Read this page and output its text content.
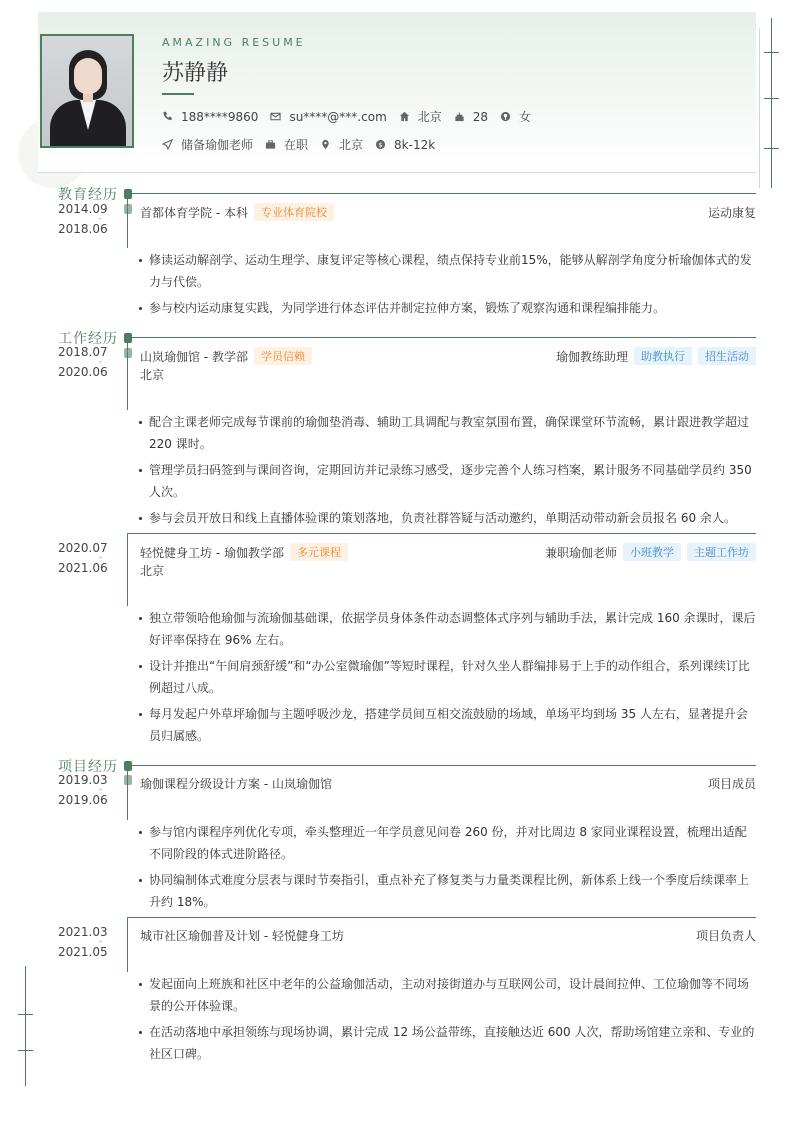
AMAZING RESUME
苏静静
188****9860	su****@***.com	北京	28	女
储备瑜伽老师	在职	北京 $ 8k-12k
教育经历
2014.09
-
2018.06
首都体育学院 - 本科	专业体育院校	运动康复
修读运动解剖学、运动生理学、康复评定等核心课程，绩点保持专业前15%，能够从解剖学角度分析瑜伽体式的发力与代偿。
参与校内运动康复实践，为同学进行体态评估并制定拉伸方案，锻炼了观察沟通和课程编排能力。
工作经历
2018.07
-
2020.06
山岚瑜伽馆 - 教学部	学员信赖	瑜伽教练助理	助教执行	招生活动
北京
配合主课老师完成每节课前的瑜伽垫消毒、辅助工具调配与教室氛围布置，确保课堂环节流畅，累计跟进教学超过 220 课时。
管理学员扫码签到与课间咨询，定期回访并记录练习感受，逐步完善个人练习档案，累计服务不同基础学员约 350 人次。
参与会员开放日和线上直播体验课的策划落地，负责社群答疑与活动邀约，单期活动带动新会员报名 60 余人。
2020.07
-
2021.06
轻悦健身工坊 - 瑜伽教学部	多元课程	兼职瑜伽老师	小班教学	主题工作坊
北京
独立带领哈他瑜伽与流瑜伽基础课，依据学员身体条件动态调整体式序列与辅助手法，累计完成 160 余课时，课后好评率保持在 96% 左右。
设计并推出“午间肩颈舒缓”和“办公室微瑜伽”等短时课程，针对久坐人群编排易于上手的动作组合，系列课续订比例超过八成。
每月发起户外草坪瑜伽与主题呼吸沙龙，搭建学员间互相交流鼓励的场域，单场平均到场 35 人左右，显著提升会员归属感。
项目经历
2019.03
-
2019.06
瑜伽课程分级设计方案 - 山岚瑜伽馆	项目成员
参与馆内课程序列优化专项，牵头整理近一年学员意见问卷 260 份，并对比周边 8 家同业课程设置，梳理出适配不同阶段的体式进阶路径。
协同编制体式难度分层表与课时节奏指引，重点补充了修复类与力量类课程比例，新体系上线一个季度后续课率上升约 18%。
2021.03
-
2021.05
城市社区瑜伽普及计划 - 轻悦健身工坊	项目负责人
发起面向上班族和社区中老年的公益瑜伽活动，主动对接街道办与互联网公司，设计晨间拉伸、工位瑜伽等不同场景的公开体验课。
在活动落地中承担领练与现场协调，累计完成 12 场公益带练，直接触达近 600 人次，帮助场馆建立亲和、专业的社区口碑。
